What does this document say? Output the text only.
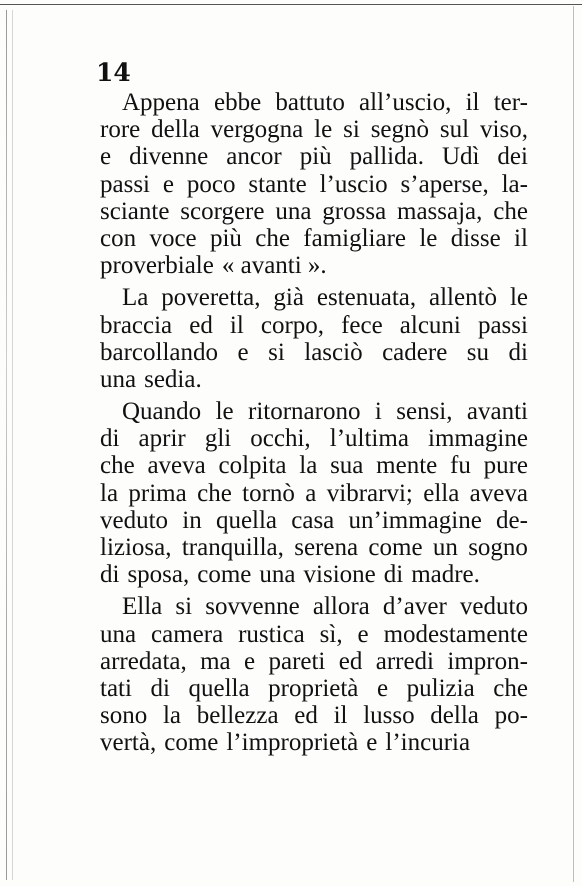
14
Appena ebbe battuto all’uscio, il ter-
rore della vergogna le si segnò sul viso,
e divenne ancor più pallida. Udì dei
passi e poco stante l’uscio s’aperse, la-
sciante scorgere una grossa massaja, che
con voce più che famigliare le disse il
proverbiale « avanti ».
La poveretta, già estenuata, allentò le
braccia ed il corpo, fece alcuni passi
barcollando e si lasciò cadere su di
una sedia.
Quando le ritornarono i sensi, avanti
di aprir gli occhi, l’ultima immagine
che aveva colpita la sua mente fu pure
la prima che tornò a vibrarvi; ella aveva
veduto in quella casa un’immagine de-
liziosa, tranquilla, serena come un sogno
di sposa, come una visione di madre.
Ella si sovvenne allora d’aver veduto
una camera rustica sì, e modestamente
arredata, ma e pareti ed arredi impron-
tati di quella proprietà e pulizia che
sono la bellezza ed il lusso della po-
vertà, come l’improprietà e l’incuria
